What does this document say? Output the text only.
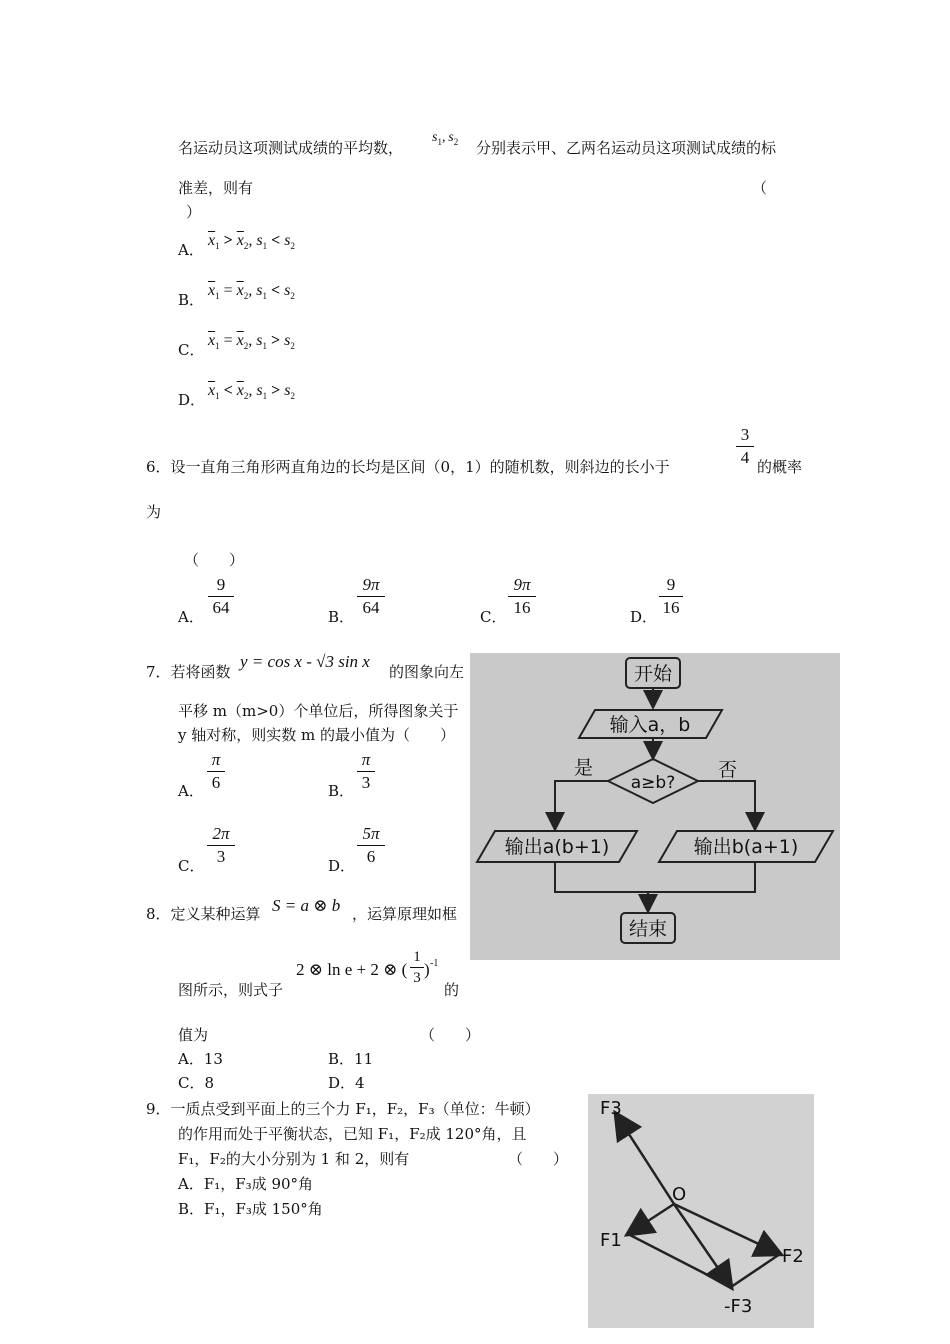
名运动员这项测试成绩的平均数，
$s_1$, $s_2$ 分别表示甲、乙两名运动员这项测试成绩的标
准差，则有	（
）
A．
$\overline{x}_1 > \overline{x}_2$, $s_1 < s_2$
B．
$\overline{x}_1 = \overline{x}_2$, $s_1 < s_2$
C．
$\overline{x}_1 = \overline{x}_2$, $s_1 > s_2$
D．
$\overline{x}_1 < \overline{x}_2$, $s_1 > s_2$
6．设一直角三角形两直角边的长均是区间（0，1）的随机数，则斜边的长小于	$\frac{3}{4}$ 的概率
为
（　　）
A． $\frac{9}{64}$	B． $\frac{9\pi}{64}$	C． $\frac{9\pi}{16}$	D． $\frac{9}{16}$
7．若将函数
y = cos x - √3 sin x
的图象向左
平移 m（m>0）个单位后，所得图象关于
y 轴对称，则实数 m 的最小值为（　　）
A． $\frac{\pi}{6}$	B． $\frac{\pi}{3}$
C． $\frac{2\pi}{3}$	D． $\frac{5\pi}{6}$
8．定义某种运算 S = a ⊗ b ，运算原理如框
2 ⊗ ln e + 2 ⊗ ( $\frac{1}{3}$ ) -1
图所示，则式子	的
值为	（　　）
A．13	B．11
C．8	D．4
开始
输入a，b
a≥b?
是	否
输出a(b+1)	输出b(a+1)
结束
9．一质点受到平面上的三个力 F₁，F₂，F₃（单位：牛顿）
的作用而处于平衡状态，已知 F₁，F₂成 120°角，且
F₁，F₂的大小分别为 1 和 2，则有	（　　）
A．F₁，F₃成 90°角
B．F₁，F₃成 150°角
F3
O
F1
F2
-F3
